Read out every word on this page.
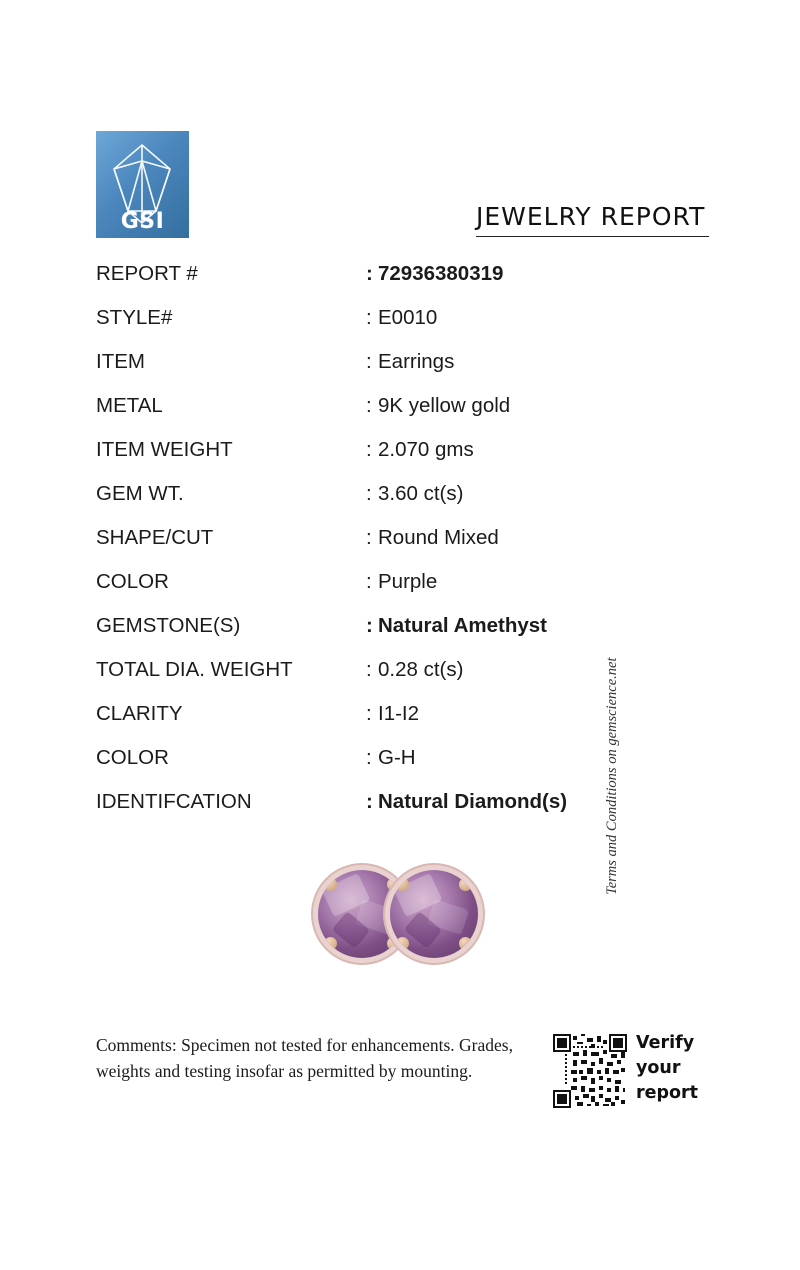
GSI	JEWELRY REPORT
REPORT #	: 72936380319
STYLE#	: E0010
ITEM	: Earrings
METAL	: 9K yellow gold
ITEM WEIGHT	: 2.070 gms
GEM WT.	: 3.60 ct(s)
SHAPE/CUT	: Round Mixed
COLOR	: Purple
GEMSTONE(S)	: Natural Amethyst
TOTAL DIA. WEIGHT	: 0.28 ct(s)
CLARITY	: I1-I2
COLOR	: G-H
IDENTIFCATION	: Natural Diamond(s)	Terms and Conditions on gemscience.net
Comments: Specimen not tested for enhancements. Grades, weights and testing insofar as permitted by mounting.
Verify
your
report
